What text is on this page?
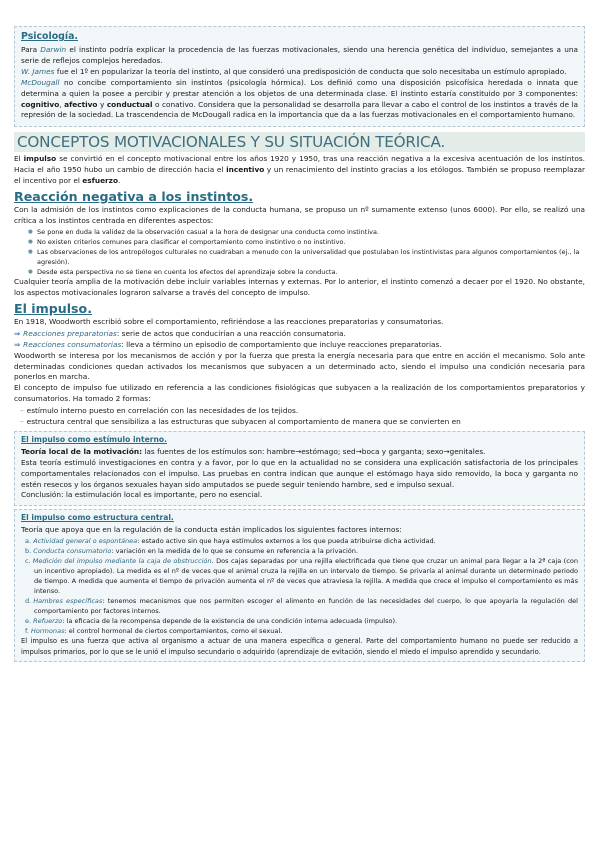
Psicología.

Para Darwin el instinto podría explicar la procedencia de las fuerzas motivacionales, siendo una herencia genética del individuo, semejantes a una serie de reflejos complejos heredados.

W. James fue el 1º en popularizar la teoría del instinto, al que consideró una predisposición de conducta que solo necesitaba un estímulo apropiado.

McDougall no concibe comportamiento sin instintos (psicología hórmica). Los definió como una disposición psicofísica heredada o innata que determina a quien la posee a percibir y prestar atención a los objetos de una determinada clase. El instinto estaría constituido por 3 componentes: cognitivo, afectivo y conductual o conativo. Considera que la personalidad se desarrolla para llevar a cabo el control de los instintos a través de la represión de la sociedad. La trascendencia de McDougall radica en la importancia que da a las fuerzas motivacionales en el comportamiento humano.

CONCEPTOS MOTIVACIONALES Y SU SITUACIÓN TEÓRICA.

El impulso se convirtió en el concepto motivacional entre los años 1920 y 1950, tras una reacción negativa a la excesiva acentuación de los instintos. Hacia el año 1950 hubo un cambio de dirección hacia el incentivo y un renacimiento del instinto gracias a los etólogos. También se propuso reemplazar el incentivo por el esfuerzo.

Reacción negativa a los instintos.

Con la admisión de los instintos como explicaciones de la conducta humana, se propuso un nº sumamente extenso (unos 6000). Por ello, se realizó una crítica a los instintos centrada en diferentes aspectos:

● Se pone en duda la validez de la observación casual a la hora de designar una conducta como instintiva.
● No existen criterios comunes para clasificar el comportamiento como instintivo o no instintivo.
● Las observaciones de los antropólogos culturales no cuadraban a menudo con la universalidad que postulaban los instintivistas para algunos comportamientos (ej., la agresión).
● Desde esta perspectiva no se tiene en cuenta los efectos del aprendizaje sobre la conducta.

Cualquier teoría amplia de la motivación debe incluir variables internas y externas. Por lo anterior, el instinto comenzó a decaer por el 1920. No obstante, los aspectos motivacionales lograron salvarse a través del concepto de impulso.

El impulso.

En 1918, Woodworth escribió sobre el comportamiento, refiriéndose a las reacciones preparatorias y consumatorias.

⇒ Reacciones preparatorias: serie de actos que conducirían a una reacción consumatoria.

⇒ Reacciones consumatorias: lleva a término un episodio de comportamiento que incluye reacciones preparatorias.

Woodworth se interesa por los mecanismos de acción y por la fuerza que presta la energía necesaria para que entre en acción el mecanismo. Solo ante determinadas condiciones quedan activados los mecanismos que subyacen a un determinado acto, siendo el impulso una condición necesaria para ponerlos en marcha.

El concepto de impulso fue utilizado en referencia a las condiciones fisiológicas que subyacen a la realización de los comportamientos preparatorios y consumatorios. Ha tomado 2 formas:

– estímulo interno puesto en correlación con las necesidades de los tejidos.
– estructura central que sensibiliza a las estructuras que subyacen al comportamiento de manera que se convierten en
El impulso como estímulo interno.

Teoría local de la motivación: las fuentes de los estímulos son: hambre→estómago; sed→boca y garganta; sexo→genitales.

Esta teoría estimuló investigaciones en contra y a favor, por lo que en la actualidad no se considera una explicación satisfactoria de los principales comportamentales relacionados con el impulso. Las pruebas en contra indican que aunque el estómago haya sido removido, la boca y garganta no estén resecos y los órganos sexuales hayan sido amputados se puede seguir teniendo hambre, sed e impulso sexual.

Conclusión: la estimulación local es importante, pero no esencial.

El impulso como estructura central.

Teoría que apoya que en la regulación de la conducta están implicados los siguientes factores internos:

a. Actividad general o espontánea: estado activo sin que haya estímulos externos a los que pueda atribuirse dicha actividad.
b. Conducta consumatorio: variación en la medida de lo que se consume en referencia a la privación.
c. Medición del impulso mediante la caja de obstrucción. Dos cajas separadas por una rejilla electrificada que tiene que cruzar un animal para llegar a la 2ª caja (con un incentivo apropiado). La medida es el nº de veces que el animal cruza la rejilla en un intervalo de tiempo. Se privaría al animal durante un determinado periodo de tiempo. A medida que aumenta el tiempo de privación aumenta el nº de veces que atraviesa la rejilla. A medida que crece el impulso el comportamiento es más intenso.
d. Hambres específicas: tenemos mecanismos que nos permiten escoger el alimento en función de las necesidades del cuerpo, lo que apoyaría la regulación del comportamiento por factores internos.
e. Refuerzo: la eficacia de la recompensa depende de la existencia de una condición interna adecuada (impulso).
f. Hormonas: el control hormonal de ciertos comportamientos, como el sexual.

El impulso es una fuerza que activa al organismo a actuar de una manera específica o general. Parte del comportamiento humano no puede ser reducido a impulsos primarios, por lo que se le unió el impulso secundario o adquirido (aprendizaje de evitación, siendo el miedo el impulso aprendido y secundario.
